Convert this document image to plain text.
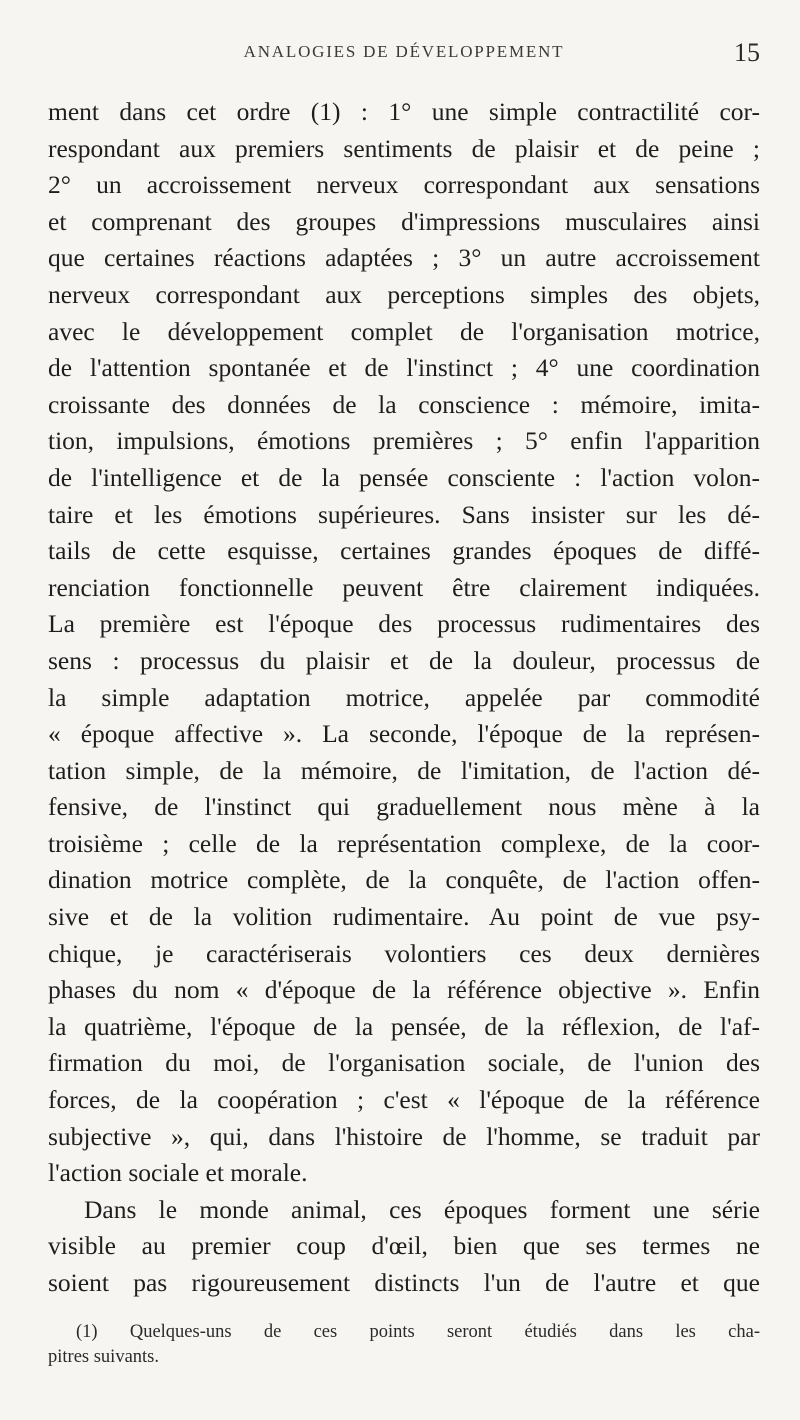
ANALOGIES DE DÉVELOPPEMENT	15
ment dans cet ordre (1) : 1° une simple contractilité cor-
respondant aux premiers sentiments de plaisir et de peine ;
2° un accroissement nerveux correspondant aux sensations
et comprenant des groupes d'impressions musculaires ainsi
que certaines réactions adaptées ; 3° un autre accroissement
nerveux correspondant aux perceptions simples des objets,
avec le développement complet de l'organisation motrice,
de l'attention spontanée et de l'instinct ; 4° une coordination
croissante des données de la conscience : mémoire, imita-
tion, impulsions, émotions premières ; 5° enfin l'apparition
de l'intelligence et de la pensée consciente : l'action volon-
taire et les émotions supérieures. Sans insister sur les dé-
tails de cette esquisse, certaines grandes époques de diffé-
renciation fonctionnelle peuvent être clairement indiquées.
La première est l'époque des processus rudimentaires des
sens : processus du plaisir et de la douleur, processus de
la simple adaptation motrice, appelée par commodité
« époque affective ». La seconde, l'époque de la représen-
tation simple, de la mémoire, de l'imitation, de l'action dé-
fensive, de l'instinct qui graduellement nous mène à la
troisième ; celle de la représentation complexe, de la coor-
dination motrice complète, de la conquête, de l'action offen-
sive et de la volition rudimentaire. Au point de vue psy-
chique, je caractériserais volontiers ces deux dernières
phases du nom « d'époque de la référence objective ». Enfin
la quatrième, l'époque de la pensée, de la réflexion, de l'af-
firmation du moi, de l'organisation sociale, de l'union des
forces, de la coopération ; c'est « l'époque de la référence
subjective », qui, dans l'histoire de l'homme, se traduit par
l'action sociale et morale.
Dans le monde animal, ces époques forment une série
visible au premier coup d'œil, bien que ses termes ne
soient pas rigoureusement distincts l'un de l'autre et que
(1) Quelques-uns de ces points seront étudiés dans les cha-
pitres suivants.
